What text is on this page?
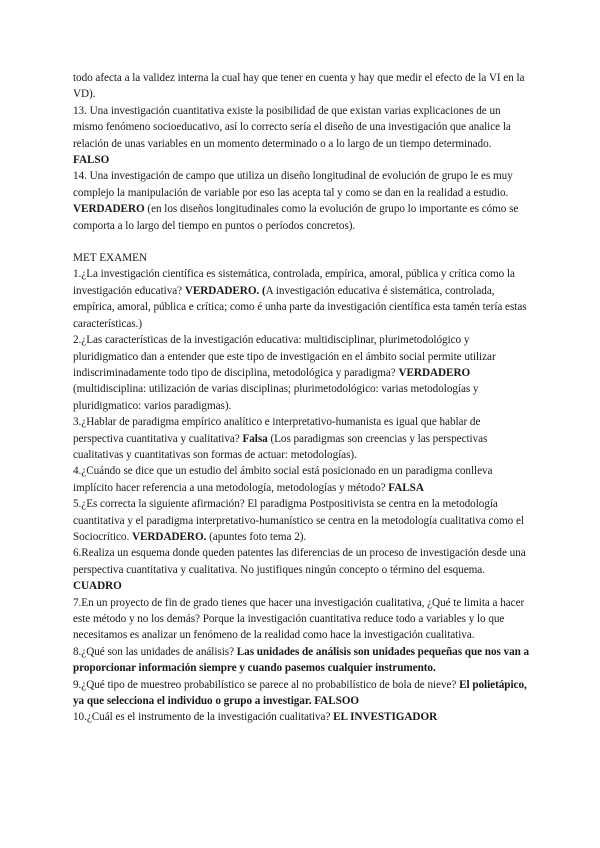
todo afecta a la validez interna la cual hay que tener en cuenta y hay que medir el efecto de la VI en la VD).

13. Una investigación cuantitativa existe la posibilidad de que existan varias explicaciones de un mismo fenómeno socioeducativo, así lo correcto sería el diseño de una investigación que analice la relación de unas variables en un momento determinado o a lo largo de un tiempo determinado. FALSO

14. Una investigación de campo que utiliza un diseño longitudinal de evolución de grupo le es muy complejo la manipulación de variable por eso las acepta tal y como se dan en la realidad a estudio. VERDADERO (en los diseños longitudinales como la evolución de grupo lo importante es cómo se comporta a lo largo del tiempo en puntos o períodos concretos).

MET EXAMEN

1.¿La investigación científica es sistemática, controlada, empírica, amoral, pública y crítica como la investigación educativa? VERDADERO. (A investigación educativa é sistemática, controlada, empírica, amoral, pública e crítica; como é unha parte da investigación científica esta tamén tería estas características.)

2.¿Las características de la investigación educativa: multidisciplinar, plurimetodológico y pluridigmatico dan a entender que este tipo de investigación en el ámbito social permite utilizar indiscriminadamente todo tipo de disciplina, metodológica y paradigma? VERDADERO (multidisciplina: utilización de varias disciplinas; plurimetodológico: varias metodologías y pluridigmatico: varios paradigmas).

3.¿Hablar de paradigma empírico analítico e interpretativo-humanista es igual que hablar de perspectiva cuantitativa y cualitativa? Falsa (Los paradigmas son creencias y las perspectivas cualitativas y cuantitativas son formas de actuar: metodologías).

4.¿Cuándo se dice que un estudio del ámbito social está posicionado en un paradigma conlleva implícito hacer referencia a una metodología, metodologías y método? FALSA

5.¿Es correcta la siguiente afirmación? El paradigma Postpositivista se centra en la metodología cuantitativa y el paradigma interpretativo-humanístico se centra en la metodología cualitativa como el Sociocrítico. VERDADERO. (apuntes foto tema 2).

6.Realiza un esquema donde queden patentes las diferencias de un proceso de investigación desde una perspectiva cuantitativa y cualitativa. No justifiques ningún concepto o término del esquema. CUADRO

7.En un proyecto de fin de grado tienes que hacer una investigación cualitativa, ¿Qué te limita a hacer este método y no los demás? Porque la investigación cuantitativa reduce todo a variables y lo que necesitamos es analizar un fenómeno de la realidad como hace la investigación cualitativa.

8.¿Qué son las unidades de análisis? Las unidades de análisis son unidades pequeñas que nos van a proporcionar información siempre y cuando pasemos cualquier instrumento.

9.¿Qué tipo de muestreo probabilístico se parece al no probabilístico de bola de nieve? El polietápico, ya que selecciona el individuo o grupo a investigar. FALSOO

10.¿Cuál es el instrumento de la investigación cualitativa? EL INVESTIGADOR
